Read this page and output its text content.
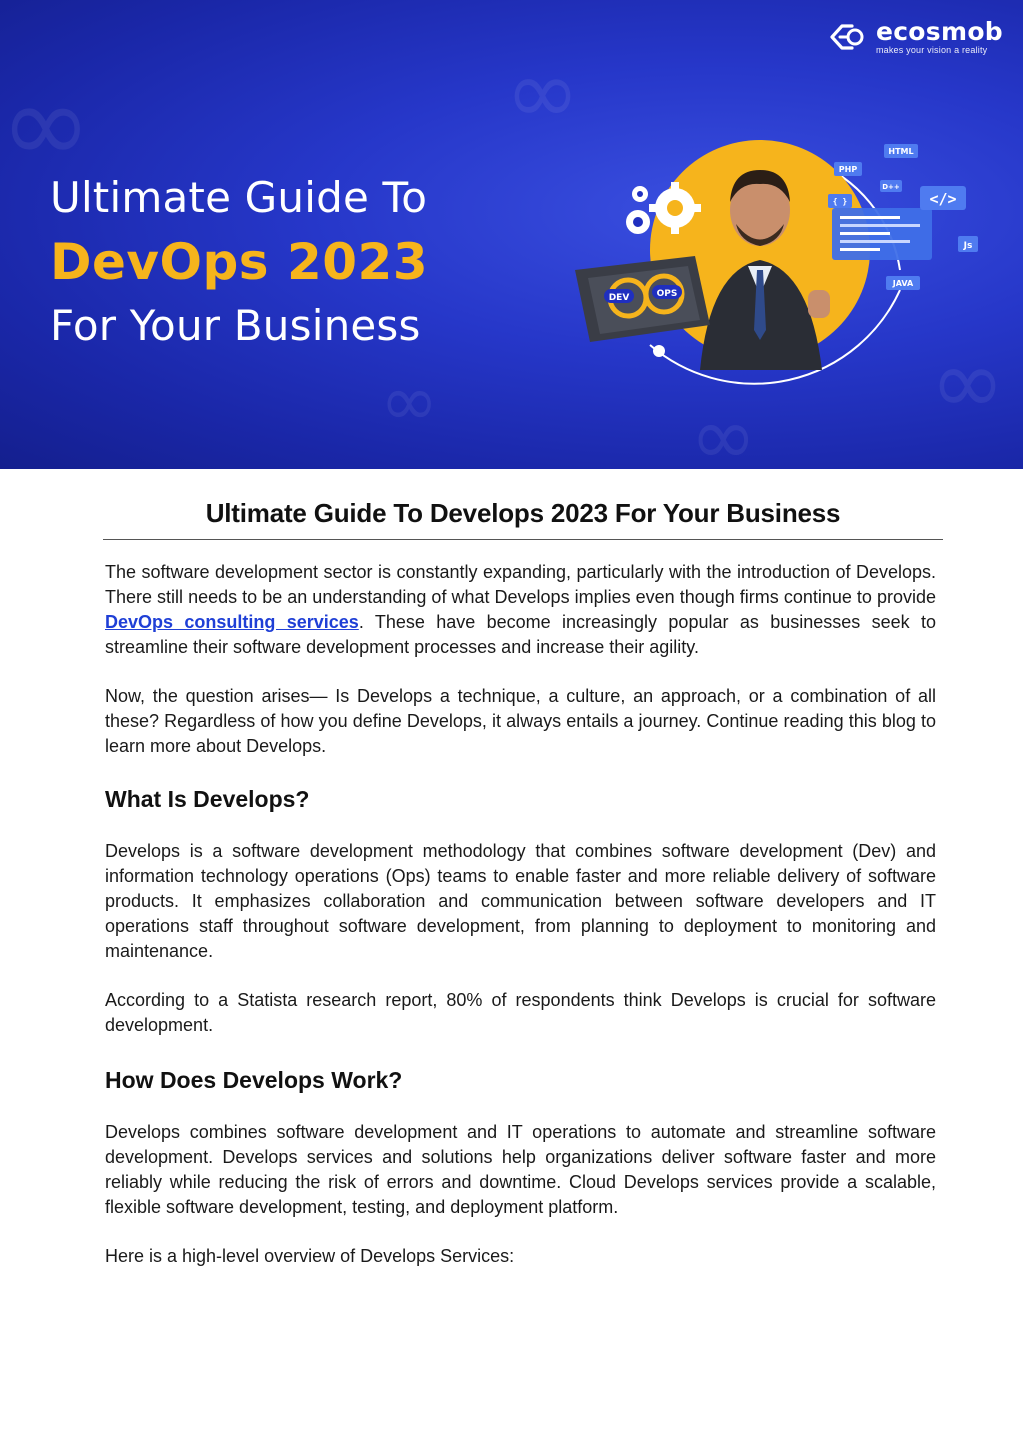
∞
∞
∞
∞	∞
ecosmob
makes your vision a reality
Ultimate Guide To
DevOps 2023
For Your Business
DEV	OPS
HTML
PHP
D++
{ }	</>
Js
JAVA
Ultimate Guide To Develops 2023 For Your Business

The software development sector is constantly expanding, particularly with the introduction of Develops. There still needs to be an understanding of what Develops implies even though firms continue to provide DevOps consulting services. These have become increasingly popular as businesses seek to streamline their software development processes and increase their agility.

Now, the question arises— Is Develops a technique, a culture, an approach, or a combination of all these? Regardless of how you define Develops, it always entails a journey. Continue reading this blog to learn more about Develops.

What Is Develops?

Develops is a software development methodology that combines software development (Dev) and information technology operations (Ops) teams to enable faster and more reliable delivery of software products. It emphasizes collaboration and communication between software developers and IT operations staff throughout software development, from planning to deployment to monitoring and maintenance.

According to a Statista research report, 80% of respondents think Develops is crucial for software development.

How Does Develops Work?

Develops combines software development and IT operations to automate and streamline software development. Develops services and solutions help organizations deliver software faster and more reliably while reducing the risk of errors and downtime. Cloud Develops services provide a scalable, flexible software development, testing, and deployment platform.

Here is a high-level overview of Develops Services:
